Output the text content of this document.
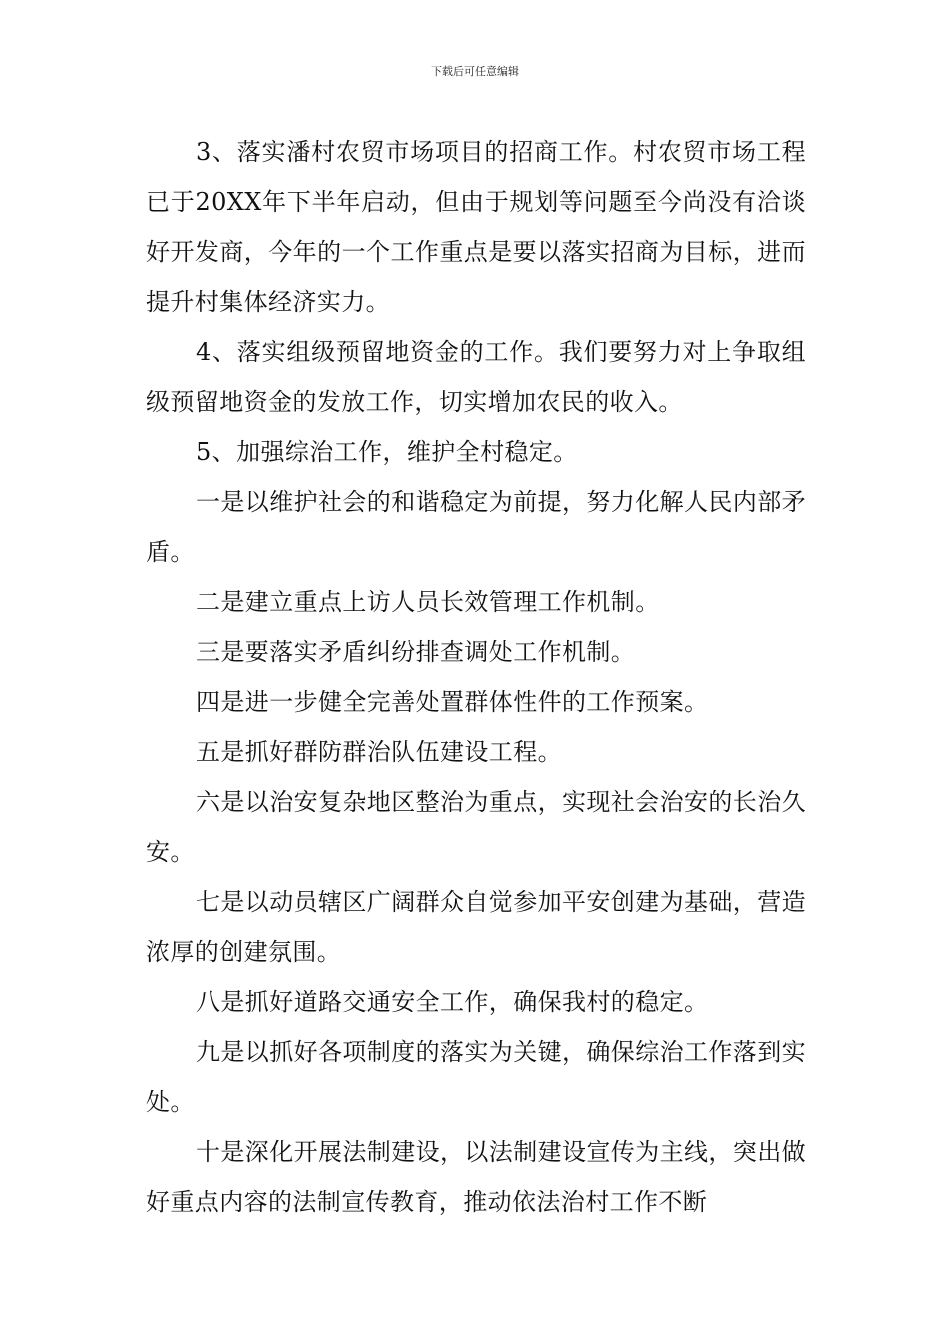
下载后可任意编辑

3、落实潘村农贸市场项目的招商工作。村农贸市场工程已于20XX年下半年启动，但由于规划等问题至今尚没有洽谈好开发商，今年的一个工作重点是要以落实招商为目标，进而提升村集体经济实力。

4、落实组级预留地资金的工作。我们要努力对上争取组级预留地资金的发放工作，切实增加农民的收入。

5、加强综治工作，维护全村稳定。

一是以维护社会的和谐稳定为前提，努力化解人民内部矛盾。

二是建立重点上访人员长效管理工作机制。

三是要落实矛盾纠纷排查调处工作机制。

四是进一步健全完善处置群体性件的工作预案。

五是抓好群防群治队伍建设工程。

六是以治安复杂地区整治为重点，实现社会治安的长治久安。

七是以动员辖区广阔群众自觉参加平安创建为基础，营造浓厚的创建氛围。

八是抓好道路交通安全工作，确保我村的稳定。

九是以抓好各项制度的落实为关键，确保综治工作落到实处。

十是深化开展法制建设，以法制建设宣传为主线，突出做好重点内容的法制宣传教育，推动依法治村工作不断
